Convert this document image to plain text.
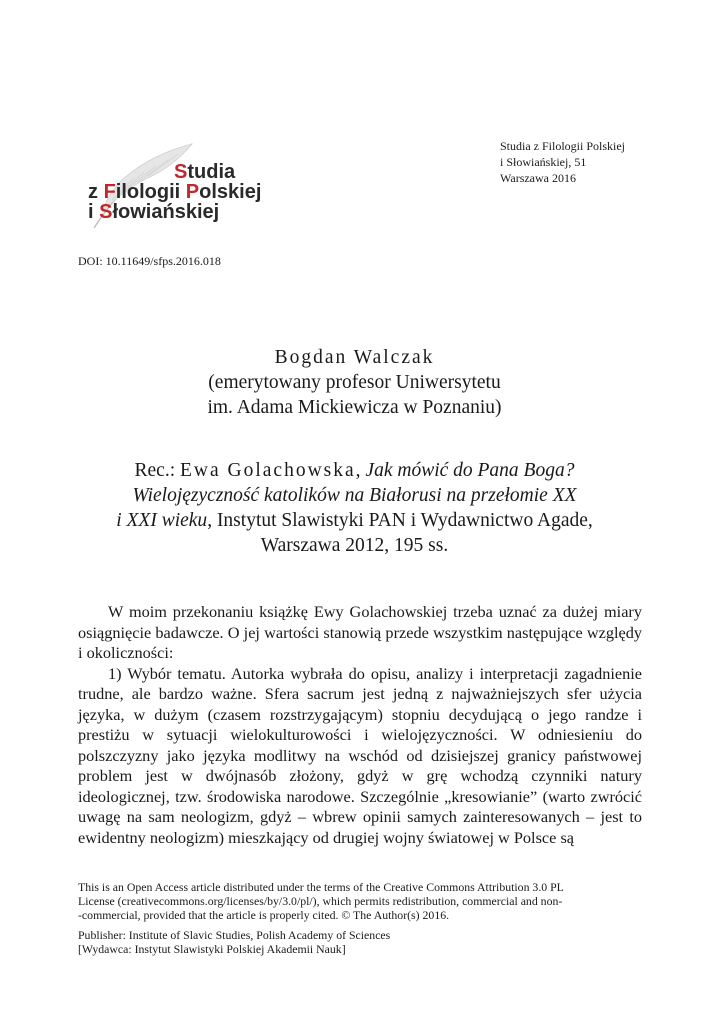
Studia
z Filologii Polskiej
i Słowiańskiej
Studia z Filologii Polskiej
i Słowiańskiej, 51
Warszawa 2016
DOI: 10.11649/sfps.2016.018
Bogdan Walczak
(emerytowany profesor Uniwersytetu
im. Adama Mickiewicza w Poznaniu)
Rec.: Ewa Golachowska, Jak mówić do Pana Boga?
Wielojęzyczność katolików na Białorusi na przełomie XX
i XXI wieku, Instytut Slawistyki PAN i Wydawnictwo Agade,
Warszawa 2012, 195 ss.

W moim przekonaniu książkę Ewy Golachowskiej trzeba uznać za dużej miary osiągnięcie badawcze. O jej wartości stanowią przede wszystkim następujące względy i okoliczności:

1) Wybór tematu. Autorka wybrała do opisu, analizy i interpretacji zagadnienie trudne, ale bardzo ważne. Sfera sacrum jest jedną z najważniejszych sfer użycia języka, w dużym (czasem rozstrzygającym) stopniu decydującą o jego randze i prestiżu w sytuacji wielokulturowości i wielojęzyczności. W odniesieniu do polszczyzny jako języka modlitwy na wschód od dzisiejszej granicy państwowej problem jest w dwójnasób złożony, gdyż w grę wchodzą czynniki natury ideologicznej, tzw. środowiska narodowe. Szczególnie „kresowianie” (warto zwrócić uwagę na sam neologizm, gdyż – wbrew opinii samych zainteresowanych – jest to ewidentny neologizm) mieszkający od drugiej wojny światowej w Polsce są

This is an Open Access article distributed under the terms of the Creative Commons Attribution 3.0 PL
License (creativecommons.org/licenses/by/3.0/pl/), which permits redistribution, commercial and non-
-commercial, provided that the article is properly cited. © The Author(s) 2016.
Publisher: Institute of Slavic Studies, Polish Academy of Sciences
[Wydawca: Instytut Slawistyki Polskiej Akademii Nauk]
